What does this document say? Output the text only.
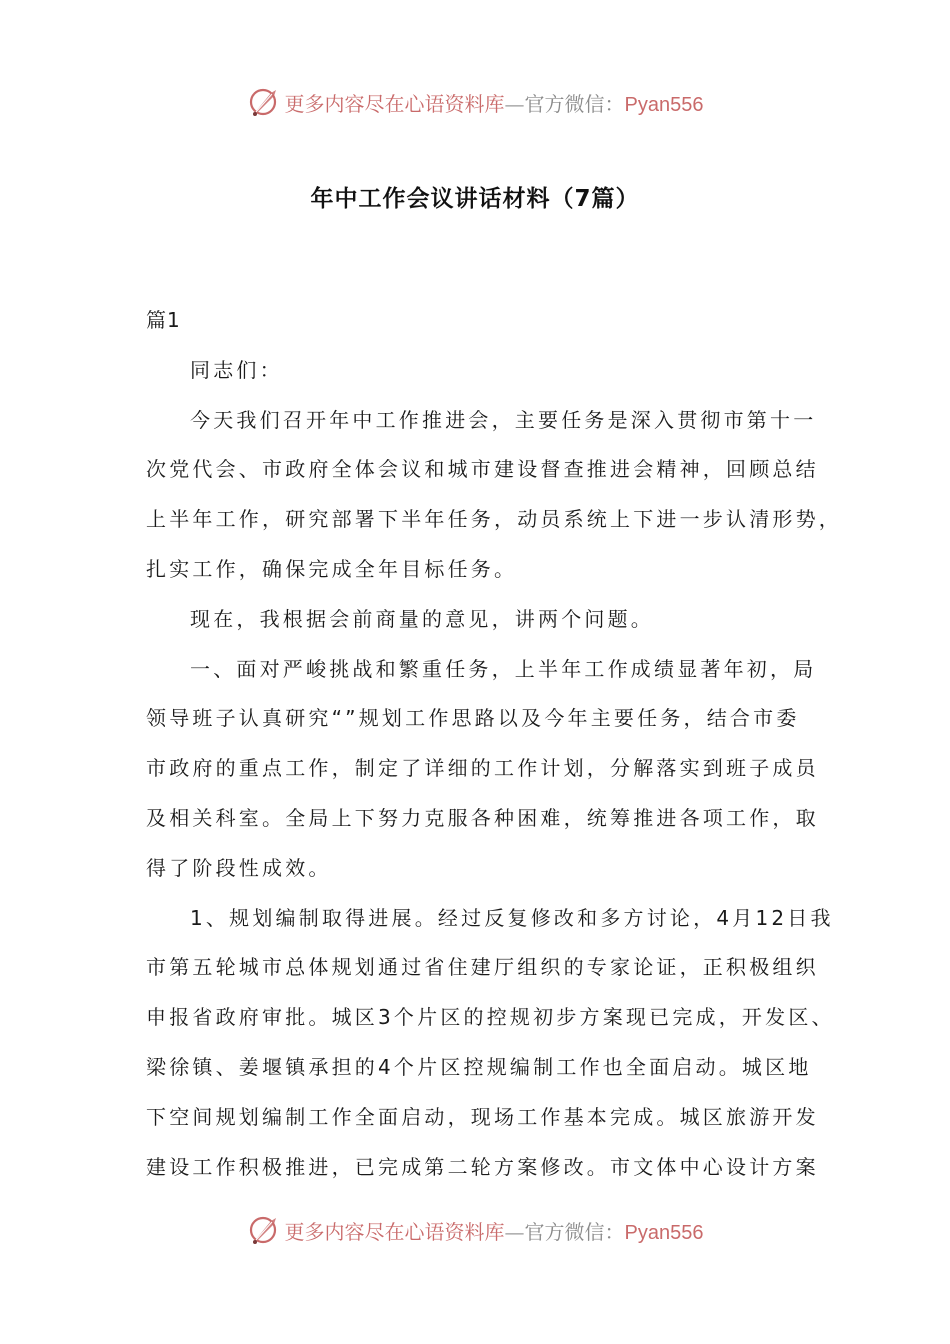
更多内容尽在心语资料库—官方微信：Pyan556
年中工作会议讲话材料（7篇）
篇1
同志们：
今天我们召开年中工作推进会，主要任务是深入贯彻市第十一
次党代会、市政府全体会议和城市建设督查推进会精神，回顾总结
上半年工作，研究部署下半年任务，动员系统上下进一步认清形势，
扎实工作，确保完成全年目标任务。
现在，我根据会前商量的意见，讲两个问题。
一、面对严峻挑战和繁重任务，上半年工作成绩显著年初，局
领导班子认真研究“”规划工作思路以及今年主要任务，结合市委
市政府的重点工作，制定了详细的工作计划，分解落实到班子成员
及相关科室。全局上下努力克服各种困难，统筹推进各项工作，取
得了阶段性成效。
1、规划编制取得进展。经过反复修改和多方讨论，4月12日我
市第五轮城市总体规划通过省住建厅组织的专家论证，正积极组织
申报省政府审批。城区3个片区的控规初步方案现已完成，开发区、
梁徐镇、姜堰镇承担的4个片区控规编制工作也全面启动。城区地
下空间规划编制工作全面启动，现场工作基本完成。城区旅游开发
建设工作积极推进，已完成第二轮方案修改。市文体中心设计方案
更多内容尽在心语资料库—官方微信：Pyan556
